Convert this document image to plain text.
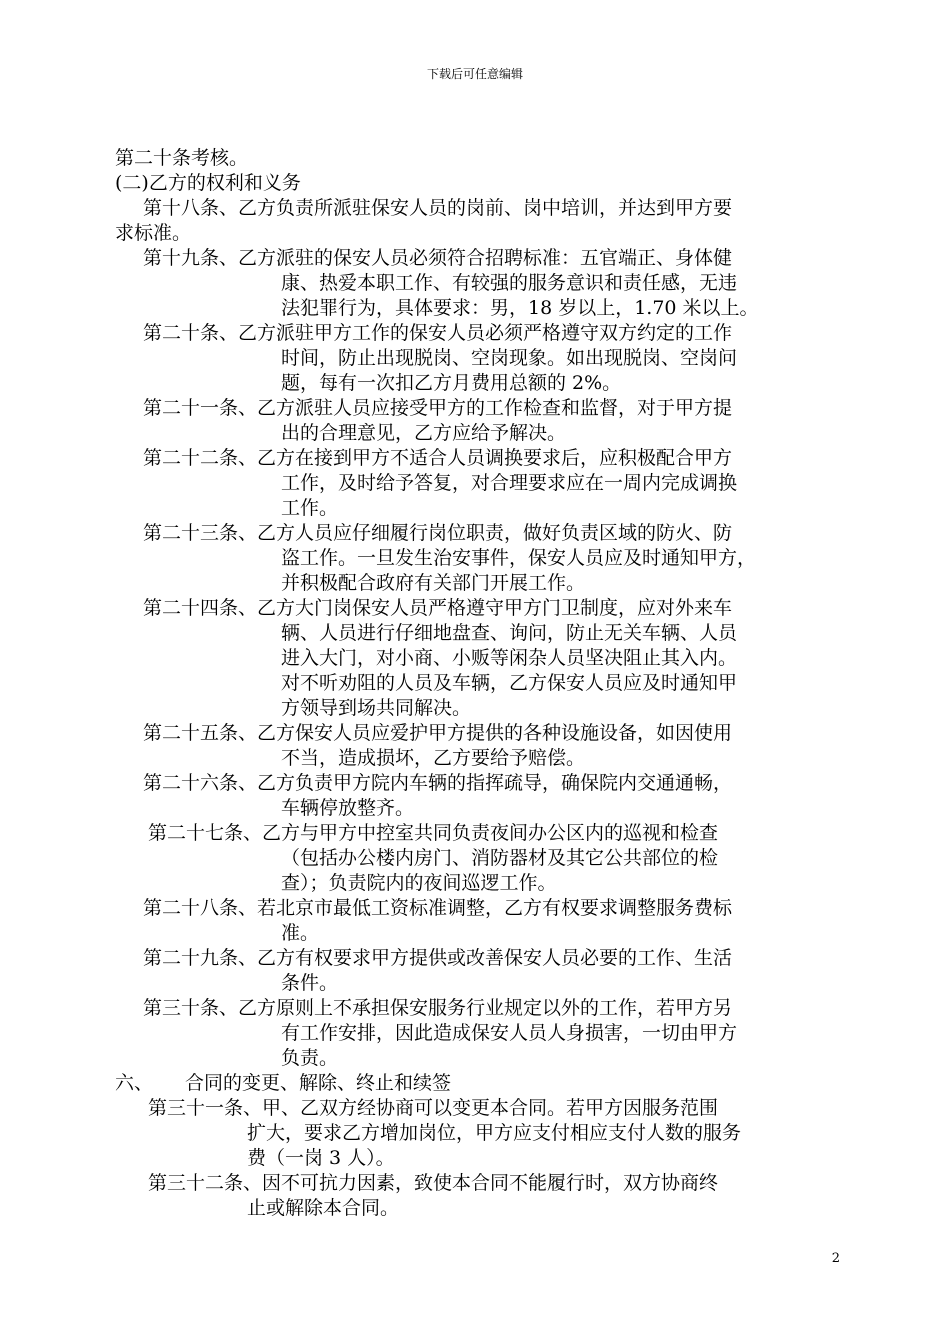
下载后可任意编辑
第二十条考核。
(二)乙方的权利和义务
第十八条、乙方负责所派驻保安人员的岗前、岗中培训，并达到甲方要
求标准。
第十九条、乙方派驻的保安人员必须符合招聘标准：五官端正、身体健
康、热爱本职工作、有较强的服务意识和责任感，无违
法犯罪行为，具体要求：男，18 岁以上，1.70 米以上。
第二十条、乙方派驻甲方工作的保安人员必须严格遵守双方约定的工作
时间，防止出现脱岗、空岗现象。如出现脱岗、空岗问
题，每有一次扣乙方月费用总额的 2%。
第二十一条、乙方派驻人员应接受甲方的工作检查和监督，对于甲方提
出的合理意见，乙方应给予解决。
第二十二条、乙方在接到甲方不适合人员调换要求后，应积极配合甲方
工作，及时给予答复，对合理要求应在一周内完成调换
工作。
第二十三条、乙方人员应仔细履行岗位职责，做好负责区域的防火、防
盗工作。一旦发生治安事件，保安人员应及时通知甲方，
并积极配合政府有关部门开展工作。
第二十四条、乙方大门岗保安人员严格遵守甲方门卫制度，应对外来车
辆、人员进行仔细地盘查、询问，防止无关车辆、人员
进入大门，对小商、小贩等闲杂人员坚决阻止其入内。
对不听劝阻的人员及车辆，乙方保安人员应及时通知甲
方领导到场共同解决。
第二十五条、乙方保安人员应爱护甲方提供的各种设施设备，如因使用
不当，造成损坏，乙方要给予赔偿。
第二十六条、乙方负责甲方院内车辆的指挥疏导，确保院内交通通畅，
车辆停放整齐。
第二十七条、乙方与甲方中控室共同负责夜间办公区内的巡视和检查
（包括办公楼内房门、消防器材及其它公共部位的检
查）；负责院内的夜间巡逻工作。
第二十八条、若北京市最低工资标准调整，乙方有权要求调整服务费标
准。
第二十九条、乙方有权要求甲方提供或改善保安人员必要的工作、生活
条件。
第三十条、乙方原则上不承担保安服务行业规定以外的工作，若甲方另
有工作安排，因此造成保安人员人身损害，一切由甲方
负责。
六、	合同的变更、解除、终止和续签
第三十一条、甲、乙双方经协商可以变更本合同。若甲方因服务范围
扩大，要求乙方增加岗位，甲方应支付相应支付人数的服务
费（一岗 3 人）。
第三十二条、因不可抗力因素，致使本合同不能履行时，双方协商终
止或解除本合同。
2
